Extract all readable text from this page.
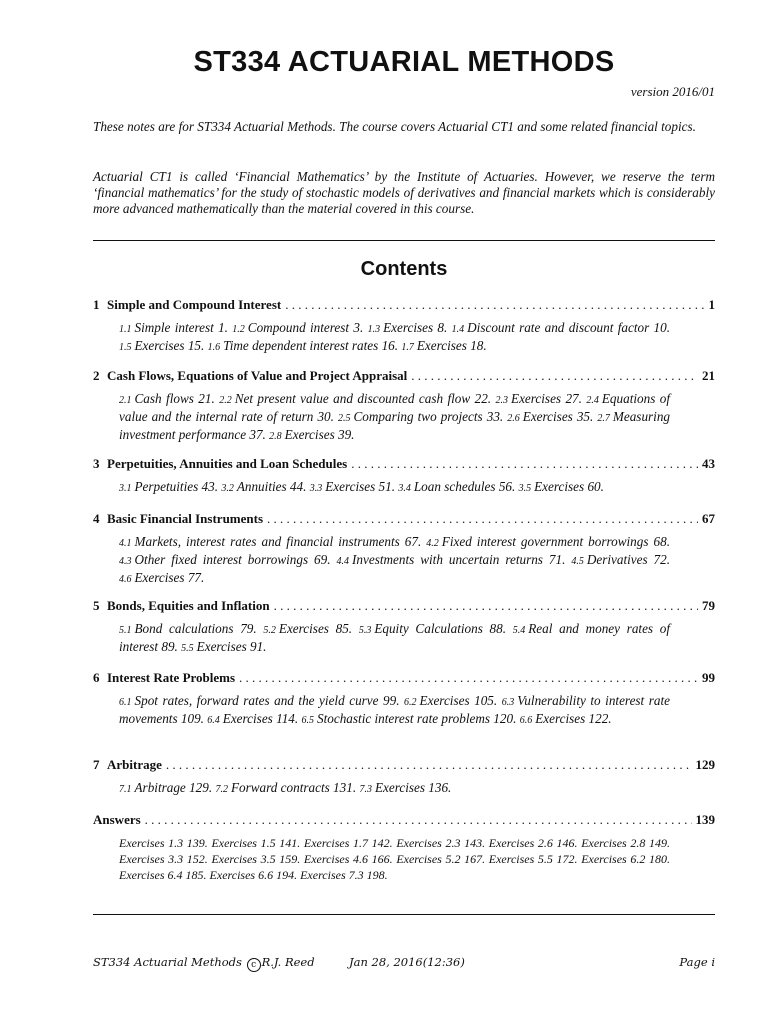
ST334 ACTUARIAL METHODS
version 2016/01

These notes are for ST334 Actuarial Methods. The course covers Actuarial CT1 and some related financial topics.

Actuarial CT1 is called ‘Financial Mathematics’ by the Institute of Actuaries. However, we reserve the term ‘financial mathematics’ for the study of stochastic models of derivatives and financial markets which is considerably more advanced mathematically than the material covered in this course.

Contents
1 Simple and Compound Interest . . .	1
1.1 Simple interest 1. 1.2 Compound interest 3. 1.3 Exercises 8. 1.4 Discount rate and discount factor 10. 1.5 Exercises 15. 1.6 Time dependent interest rates 16. 1.7 Exercises 18.
2 Cash Flows, Equations of Value and Project Appraisal . . .	21
2.1 Cash flows 21. 2.2 Net present value and discounted cash flow 22. 2.3 Exercises 27. 2.4 Equations of value and the internal rate of return 30. 2.5 Comparing two projects 33. 2.6 Exercises 35. 2.7 Measuring investment performance 37. 2.8 Exercises 39.
3 Perpetuities, Annuities and Loan Schedules . . .	43
3.1 Perpetuities 43. 3.2 Annuities 44. 3.3 Exercises 51. 3.4 Loan schedules 56. 3.5 Exercises 60.
4 Basic Financial Instruments . . .	67
4.1 Markets, interest rates and financial instruments 67. 4.2 Fixed interest government borrowings 68. 4.3 Other fixed interest borrowings 69. 4.4 Investments with uncertain returns 71. 4.5 Derivatives 72. 4.6 Exercises 77.
5 Bonds, Equities and Inflation . . .	79
5.1 Bond calculations 79. 5.2 Exercises 85. 5.3 Equity Calculations 88. 5.4 Real and money rates of interest 89. 5.5 Exercises 91.
6 Interest Rate Problems . . .	99
6.1 Spot rates, forward rates and the yield curve 99. 6.2 Exercises 105. 6.3 Vulnerability to interest rate movements 109. 6.4 Exercises 114. 6.5 Stochastic interest rate problems 120. 6.6 Exercises 122.
7 Arbitrage . . .	129
7.1 Arbitrage 129. 7.2 Forward contracts 131. 7.3 Exercises 136.
Answers . . .	139
Exercises 1.3 139. Exercises 1.5 141. Exercises 1.7 142. Exercises 2.3 143. Exercises 2.6 146. Exercises 2.8 149. Exercises 3.3 152. Exercises 3.5 159. Exercises 4.6 166. Exercises 5.2 167. Exercises 5.5 172. Exercises 6.2 180. Exercises 6.4 185. Exercises 6.6 194. Exercises 7.3 198.
ST334 Actuarial Methods c R.J. Reed	Jan 28, 2016(12:36)	Page i
